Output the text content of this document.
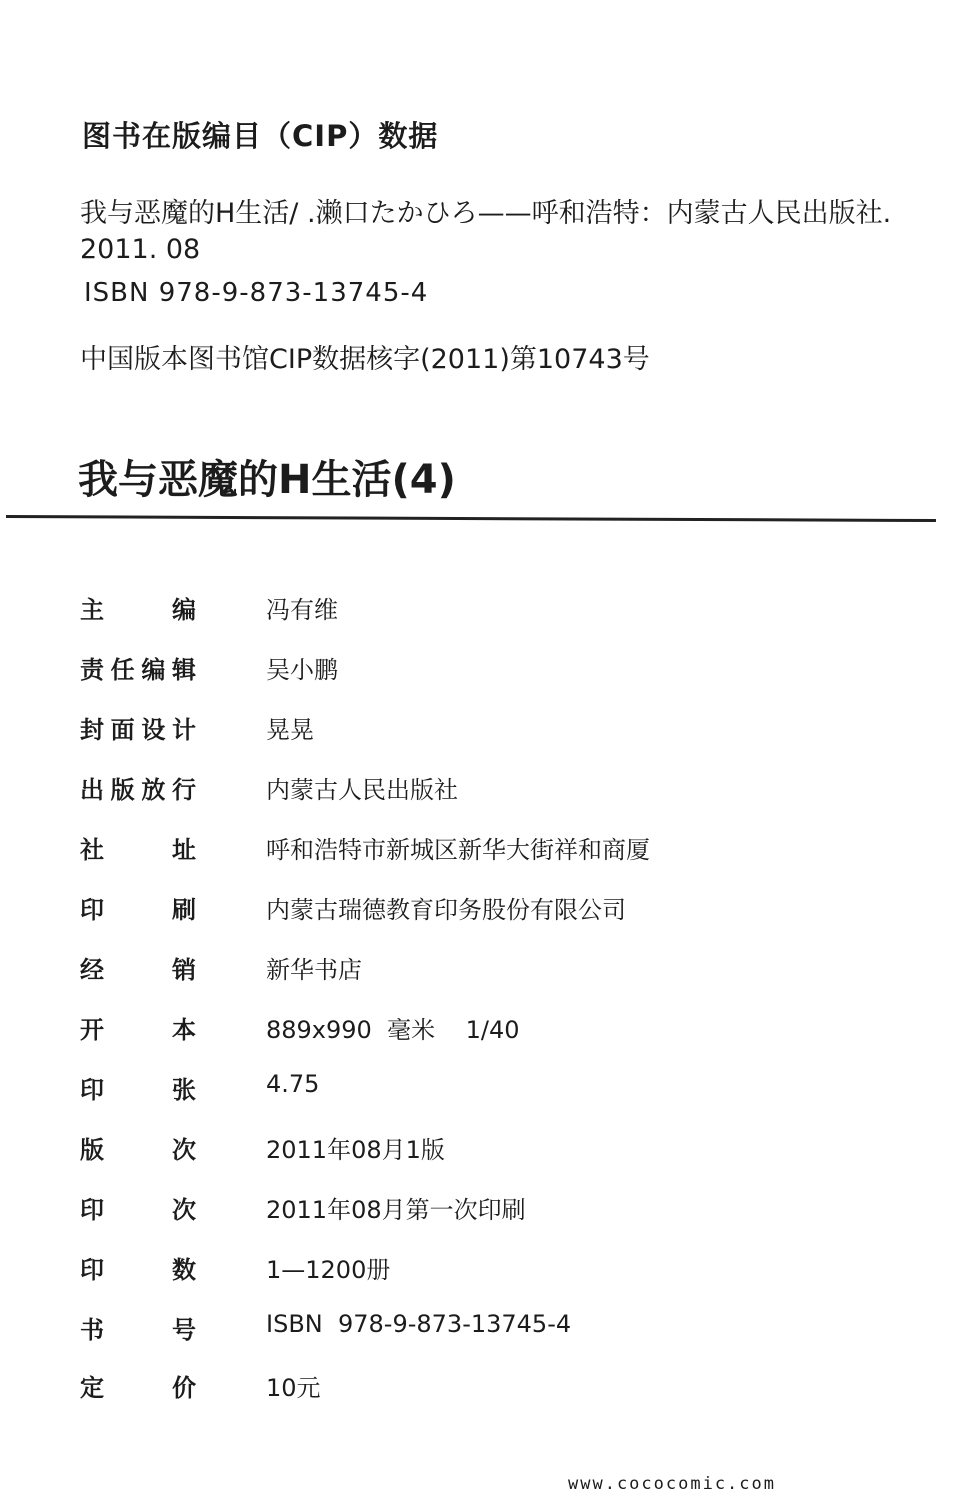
图书在版编目（CIP）数据
我与恶魔的H生活/ .濑口たかひろ——呼和浩特：内蒙古人民出版社. 2011. 08
ISBN 978-9-873-13745-4
中国版本图书馆CIP数据核字(2011)第10743号
我与恶魔的H生活(4)
主编	冯有维
责任编辑	吴小鹏
封面设计	晃晃
出版放行	内蒙古人民出版社
社址	呼和浩特市新城区新华大街祥和商厦
印刷	内蒙古瑞德教育印务股份有限公司
经销	新华书店
开本	889x990  毫米    1/40
印张	4.75
版次	2011年08月1版
印次	2011年08月第一次印刷
印数	1—1200册
书号	ISBN  978-9-873-13745-4
定价	10元
www.cococomic.com
